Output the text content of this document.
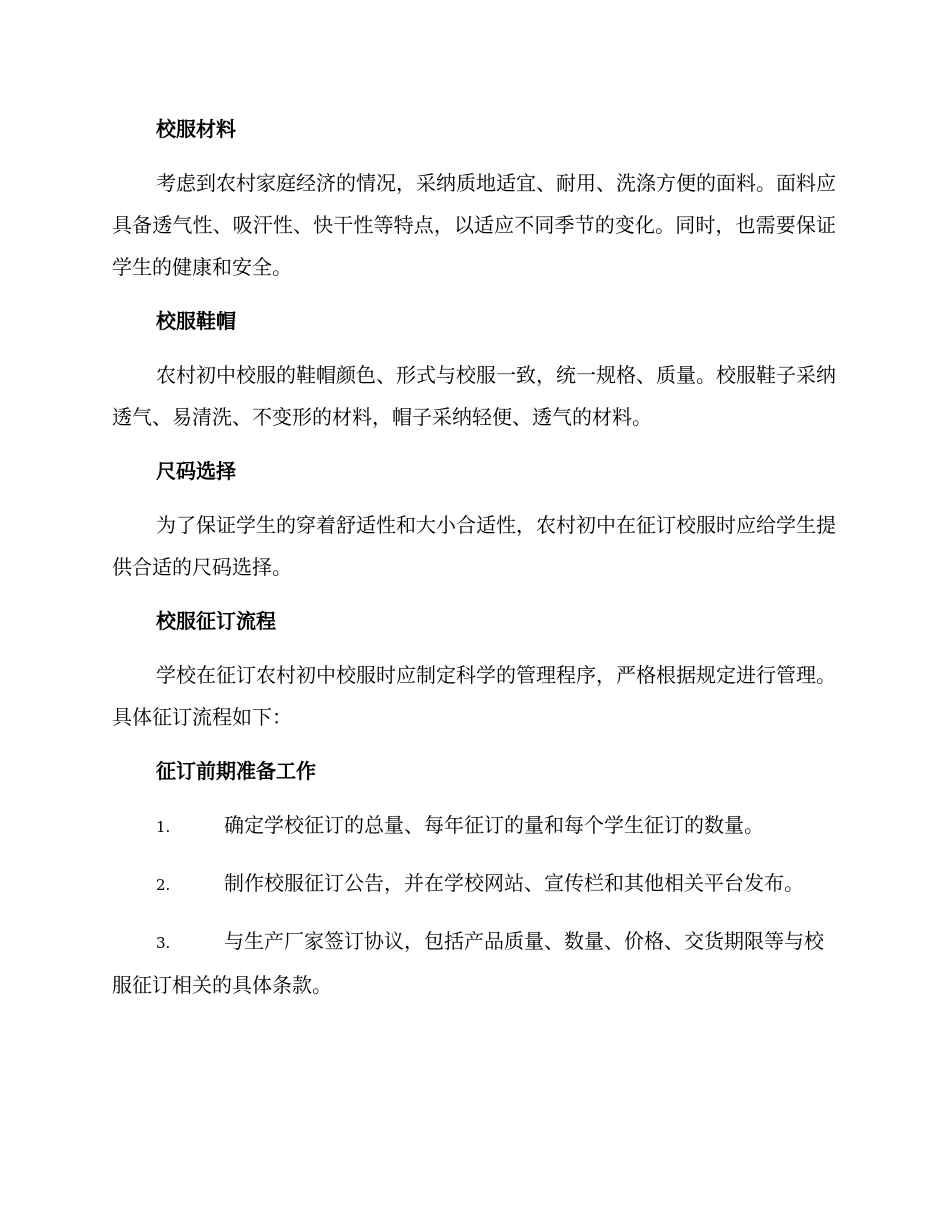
校服材料

考虑到农村家庭经济的情况，采纳质地适宜、耐用、洗涤方便的面料。面料应具备透气性、吸汗性、快干性等特点，以适应不同季节的变化。同时，也需要保证学生的健康和安全。

校服鞋帽

农村初中校服的鞋帽颜色、形式与校服一致，统一规格、质量。校服鞋子采纳透气、易清洗、不变形的材料，帽子采纳轻便、透气的材料。

尺码选择

为了保证学生的穿着舒适性和大小合适性，农村初中在征订校服时应给学生提供合适的尺码选择。

校服征订流程

学校在征订农村初中校服时应制定科学的管理程序，严格根据规定进行管理。具体征订流程如下：

征订前期准备工作
1.	确定学校征订的总量、每年征订的量和每个学生征订的数量。
2.	制作校服征订公告，并在学校网站、宣传栏和其他相关平台发布。
3.	与生产厂家签订协议，包括产品质量、数量、价格、交货期限等与校服征订相关的具体条款。
